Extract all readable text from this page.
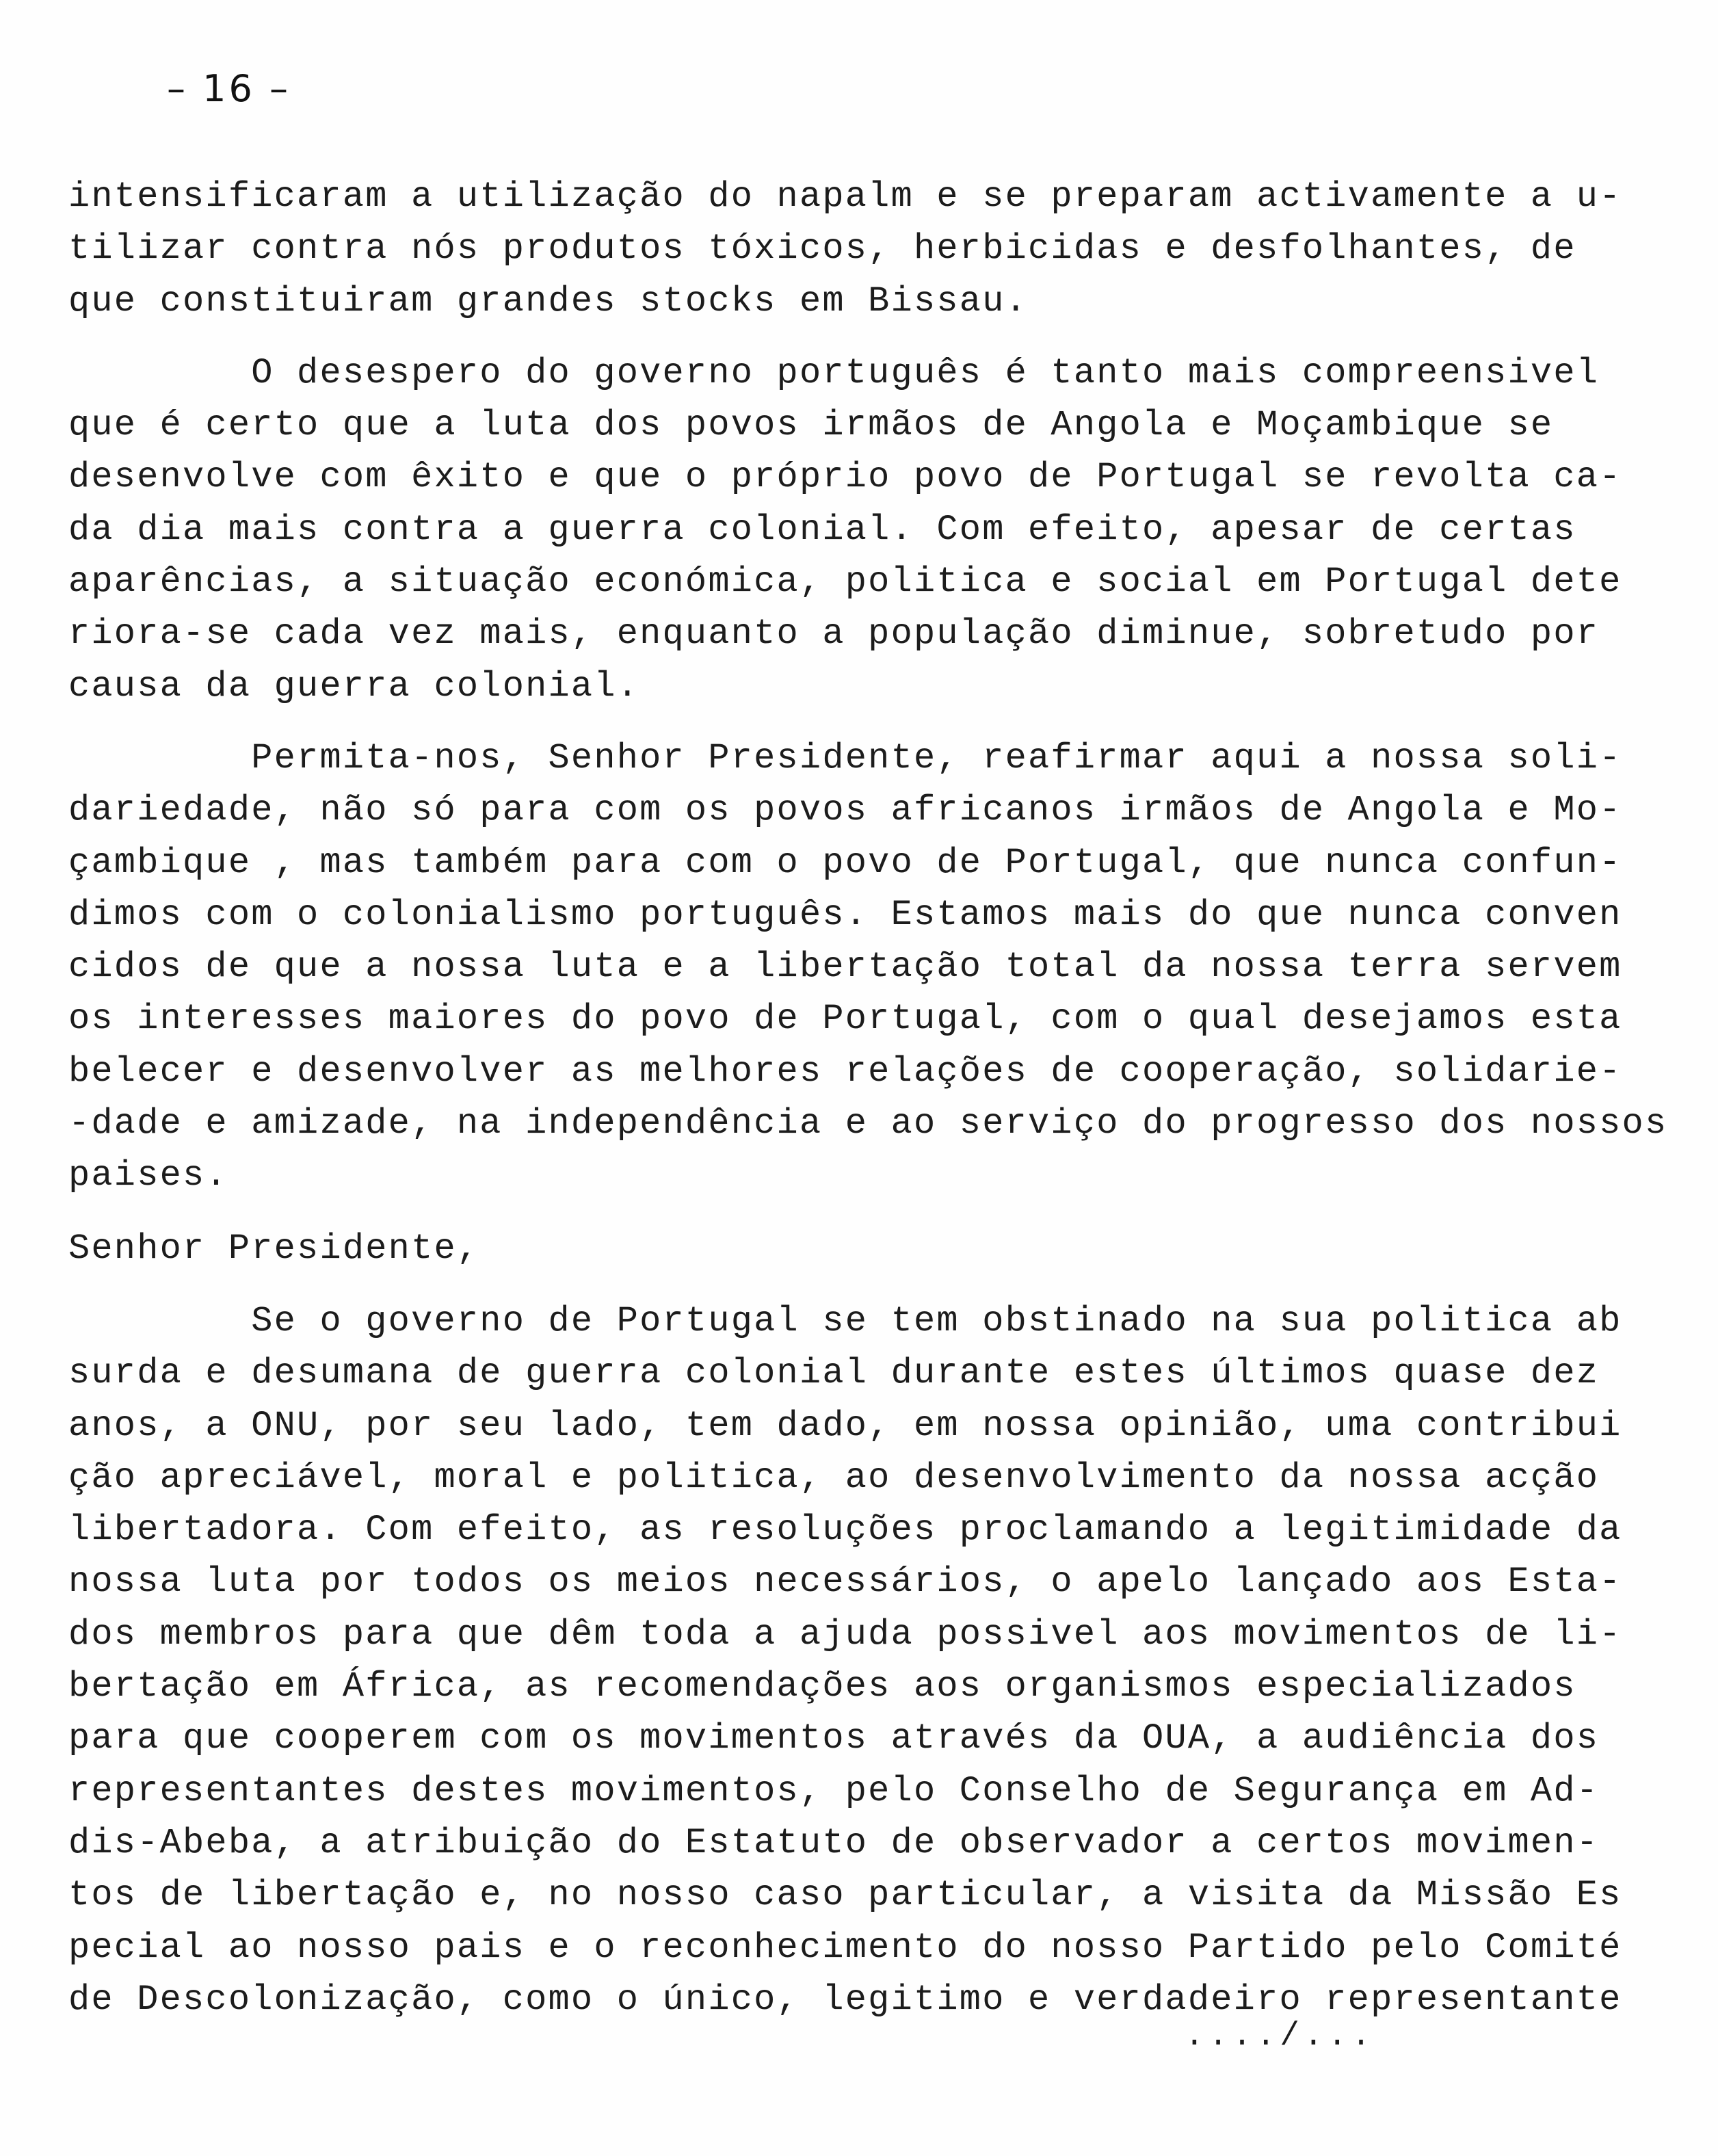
– 16 –
intensificaram a utilização do napalm e se preparam activamente a u-
tilizar contra nós produtos tóxicos, herbicidas e desfolhantes, de
que constituiram grandes stocks em Bissau.
O desespero do governo português é tanto mais compreensivel
que é certo que a luta dos povos irmãos de Angola e Moçambique se
desenvolve com êxito e que o próprio povo de Portugal se revolta ca-
da dia mais contra a guerra colonial. Com efeito, apesar de certas
aparências, a situação económica, politica e social em Portugal dete
riora-se cada vez mais, enquanto a população diminue, sobretudo por
causa da guerra colonial.
Permita-nos, Senhor Presidente, reafirmar aqui a nossa soli-
dariedade, não só para com os povos africanos irmãos de Angola e Mo-
çambique , mas também para com o povo de Portugal, que nunca confun-
dimos com o colonialismo português. Estamos mais do que nunca conven
cidos de que a nossa luta e a libertação total da nossa terra servem
os interesses maiores do povo de Portugal, com o qual desejamos esta
belecer e desenvolver as melhores relações de cooperação, solidarie-
-dade e amizade, na independência e ao serviço do progresso dos nossos
paises.
Senhor Presidente,
Se o governo de Portugal se tem obstinado na sua politica ab
surda e desumana de guerra colonial durante estes últimos quase dez
anos, a ONU, por seu lado, tem dado, em nossa opinião, uma contribui
ção apreciável, moral e politica, ao desenvolvimento da nossa acção
libertadora. Com efeito, as resoluções proclamando a legitimidade da
nossa luta por todos os meios necessários, o apelo lançado aos Esta-
dos membros para que dêm toda a ajuda possivel aos movimentos de li-
bertação em África, as recomendações aos organismos especializados
para que cooperem com os movimentos através da OUA, a audiência dos
representantes destes movimentos, pelo Conselho de Segurança em Ad-
dis-Abeba, a atribuição do Estatuto de observador a certos movimen-
tos de libertação e, no nosso caso particular, a visita da Missão Es
pecial ao nosso pais e o reconhecimento do nosso Partido pelo Comité
de Descolonização, como o único, legitimo e verdadeiro representante
..../...
